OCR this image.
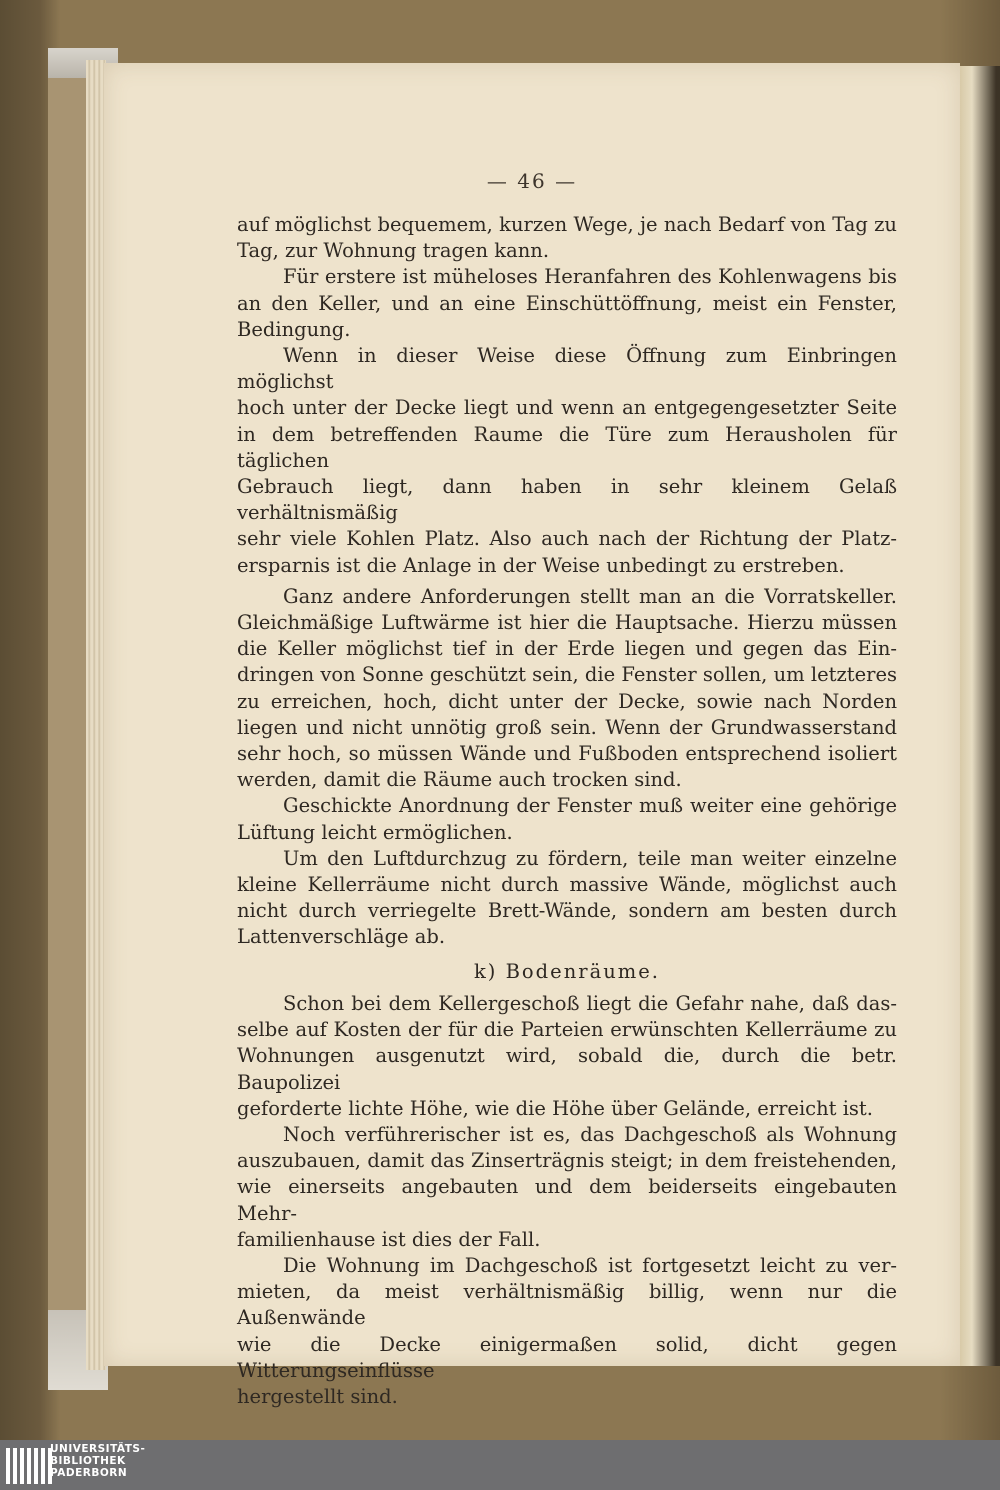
— 46 —
auf möglichst bequemem, kurzen Wege, je nach Bedarf von Tag zu
Tag, zur Wohnung tragen kann.
Für erstere ist müheloses Heranfahren des Kohlenwagens bis
an den Keller, und an eine Einschüttöffnung, meist ein Fenster,
Bedingung.
Wenn in dieser Weise diese Öffnung zum Einbringen möglichst
hoch unter der Decke liegt und wenn an entgegengesetzter Seite
in dem betreffenden Raume die Türe zum Herausholen für täglichen
Gebrauch liegt, dann haben in sehr kleinem Gelaß verhältnismäßig
sehr viele Kohlen Platz. Also auch nach der Richtung der Platz-
ersparnis ist die Anlage in der Weise unbedingt zu erstreben.
Ganz andere Anforderungen stellt man an die Vorratskeller.
Gleichmäßige Luftwärme ist hier die Hauptsache. Hierzu müssen
die Keller möglichst tief in der Erde liegen und gegen das Ein-
dringen von Sonne geschützt sein, die Fenster sollen, um letzteres
zu erreichen, hoch, dicht unter der Decke, sowie nach Norden
liegen und nicht unnötig groß sein. Wenn der Grundwasserstand
sehr hoch, so müssen Wände und Fußboden entsprechend isoliert
werden, damit die Räume auch trocken sind.
Geschickte Anordnung der Fenster muß weiter eine gehörige
Lüftung leicht ermöglichen.
Um den Luftdurchzug zu fördern, teile man weiter einzelne
kleine Kellerräume nicht durch massive Wände, möglichst auch
nicht durch verriegelte Brett-Wände, sondern am besten durch
Lattenverschläge ab.
k) Bodenräume.
Schon bei dem Kellergeschoß liegt die Gefahr nahe, daß das-
selbe auf Kosten der für die Parteien erwünschten Kellerräume zu
Wohnungen ausgenutzt wird, sobald die, durch die betr. Baupolizei
geforderte lichte Höhe, wie die Höhe über Gelände, erreicht ist.
Noch verführerischer ist es, das Dachgeschoß als Wohnung
auszubauen, damit das Zinserträgnis steigt; in dem freistehenden,
wie einerseits angebauten und dem beiderseits eingebauten Mehr-
familienhause ist dies der Fall.
Die Wohnung im Dachgeschoß ist fortgesetzt leicht zu ver-
mieten, da meist verhältnismäßig billig, wenn nur die Außenwände
wie die Decke einigermaßen solid, dicht gegen Witterungseinflüsse
hergestellt sind.
UNIVERSITÄTS-
BIBLIOTHEK
PADERBORN
